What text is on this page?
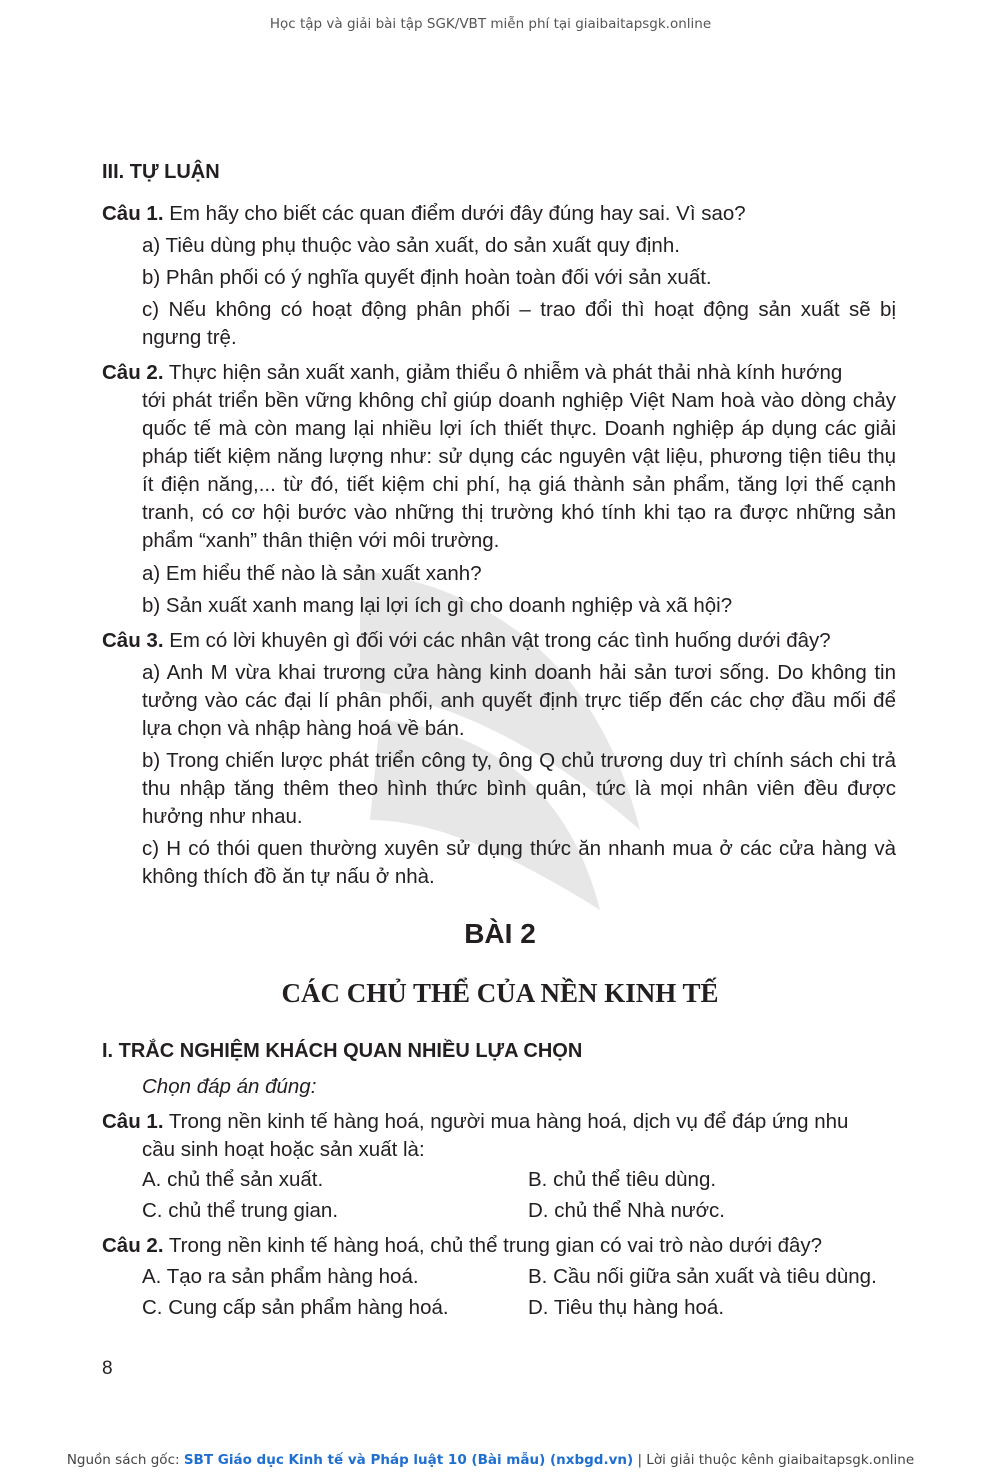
Học tập và giải bài tập SGK/VBT miễn phí tại giaibaitapsgk.online
III. TỰ LUẬN
Câu 1. Em hãy cho biết các quan điểm dưới đây đúng hay sai. Vì sao?
a) Tiêu dùng phụ thuộc vào sản xuất, do sản xuất quy định.
b) Phân phối có ý nghĩa quyết định hoàn toàn đối với sản xuất.
c) Nếu không có hoạt động phân phối – trao đổi thì hoạt động sản xuất sẽ bị ngưng trệ.
Câu 2. Thực hiện sản xuất xanh, giảm thiểu ô nhiễm và phát thải nhà kính hướng
tới phát triển bền vững không chỉ giúp doanh nghiệp Việt Nam hoà vào dòng chảy quốc tế mà còn mang lại nhiều lợi ích thiết thực. Doanh nghiệp áp dụng các giải pháp tiết kiệm năng lượng như: sử dụng các nguyên vật liệu, phương tiện tiêu thụ ít điện năng,... từ đó, tiết kiệm chi phí, hạ giá thành sản phẩm, tăng lợi thế cạnh tranh, có cơ hội bước vào những thị trường khó tính khi tạo ra được những sản phẩm “xanh” thân thiện với môi trường.
a) Em hiểu thế nào là sản xuất xanh?
b) Sản xuất xanh mang lại lợi ích gì cho doanh nghiệp và xã hội?
Câu 3. Em có lời khuyên gì đối với các nhân vật trong các tình huống dưới đây?
a) Anh M vừa khai trương cửa hàng kinh doanh hải sản tươi sống. Do không tin tưởng vào các đại lí phân phối, anh quyết định trực tiếp đến các chợ đầu mối để lựa chọn và nhập hàng hoá về bán.
b) Trong chiến lược phát triển công ty, ông Q chủ trương duy trì chính sách chi trả thu nhập tăng thêm theo hình thức bình quân, tức là mọi nhân viên đều được hưởng như nhau.
c) H có thói quen thường xuyên sử dụng thức ăn nhanh mua ở các cửa hàng và không thích đồ ăn tự nấu ở nhà.
BÀI 2
CÁC CHỦ THỂ CỦA NỀN KINH TẾ
I. TRẮC NGHIỆM KHÁCH QUAN NHIỀU LỰA CHỌN
Chọn đáp án đúng:
Câu 1. Trong nền kinh tế hàng hoá, người mua hàng hoá, dịch vụ để đáp ứng nhu
cầu sinh hoạt hoặc sản xuất là:
A. chủ thể sản xuất.	B. chủ thể tiêu dùng.
C. chủ thể trung gian.	D. chủ thể Nhà nước.
Câu 2. Trong nền kinh tế hàng hoá, chủ thể trung gian có vai trò nào dưới đây?
A. Tạo ra sản phẩm hàng hoá.	B. Cầu nối giữa sản xuất và tiêu dùng.
C. Cung cấp sản phẩm hàng hoá.	D. Tiêu thụ hàng hoá.
8
Nguồn sách gốc: SBT Giáo dục Kinh tế và Pháp luật 10 (Bài mẫu) (nxbgd.vn) | Lời giải thuộc kênh giaibaitapsgk.online
